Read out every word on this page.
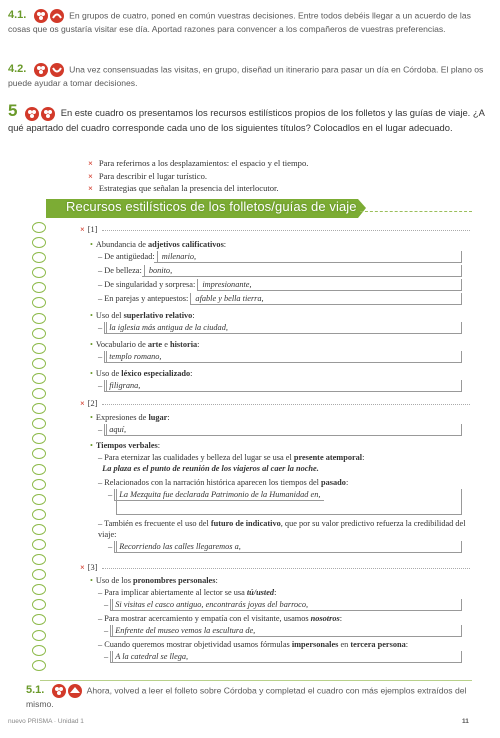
4.1.	En grupos de cuatro, poned en común vuestras decisiones. Entre todos debéis llegar a un acuerdo de las cosas que os gustaría visitar ese día. Aportad razones para convencer a los compañeros de vuestras preferencias.
4.2.	Una vez consensuadas las visitas, en grupo, diseñad un itinerario para pasar un día en Córdoba. El plano os puede ayudar a tomar decisiones.
5	En este cuadro os presentamos los recursos estilísticos propios de los folletos y las guías de viaje. ¿A qué apartado del cuadro corresponde cada uno de los siguientes títulos? Colocadlos en el lugar adecuado.
× Para referirnos a los desplazamientos: el espacio y el tiempo.
× Para describir el lugar turístico.
× Estrategias que señalan la presencia del interlocutor.
Recursos estilísticos de los folletos/guías de viaje
× [1]
• Abundancia de adjetivos calificativos:
– De antigüedad: milenario,
– De belleza: bonito,
– De singularidad y sorpresa: impresionante,
– En parejas y antepuestos: afable y bella tierra,
• Uso del superlativo relativo:
– la iglesia más antigua de la ciudad,
• Vocabulario de arte e historia:
– templo romano,
• Uso de léxico especializado:
– filigrana,
× [2]
• Expresiones de lugar:
– aquí,
• Tiempos verbales:
– Para eternizar las cualidades y belleza del lugar se usa el presente atemporal:
La plaza es el punto de reunión de los viajeros al caer la noche.
– Relacionados con la narración histórica aparecen los tiempos del pasado:
– La Mezquita fue declarada Patrimonio de la Humanidad en,
– También es frecuente el uso del futuro de indicativo, que por su valor predictivo refuerza la credibilidad del viaje:
– Recorriendo las calles llegaremos a,
× [3]
• Uso de los pronombres personales:
– Para implicar abiertamente al lector se usa tú/usted:
– Si visitas el casco antiguo, encontrarás joyas del barroco,
– Para mostrar acercamiento y empatía con el visitante, usamos nosotros:
– Enfrente del museo vemos la escultura de,
– Cuando queremos mostrar objetividad usamos fórmulas impersonales en tercera persona:
– A la catedral se llega,
5.1.	Ahora, volved a leer el folleto sobre Córdoba y completad el cuadro con más ejemplos extraídos del mismo.
nuevo PRISMA · Unidad 1	11
